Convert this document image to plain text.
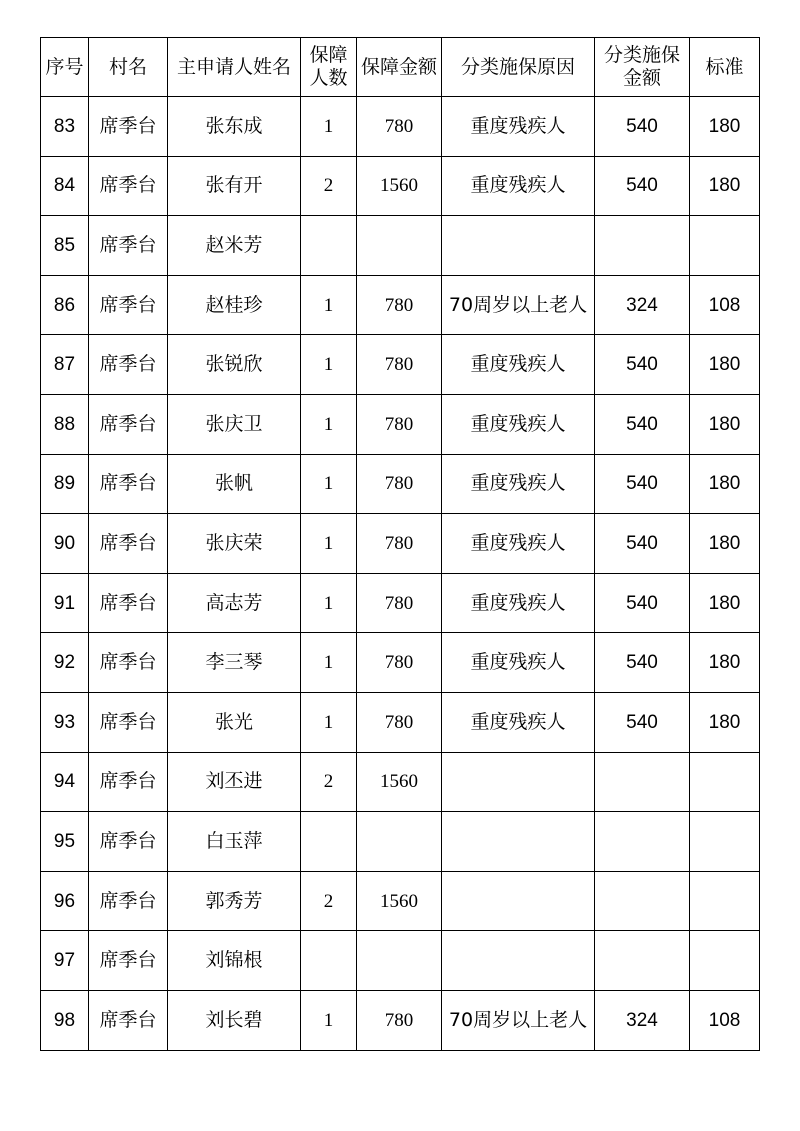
序号	村名	主申请人姓名	保障人数	保障金额	分类施保原因	分类施保金额	标准
83	席季台	张东成	1	780	重度残疾人	540	180
84	席季台	张有开	2	1560	重度残疾人	540	180
85	席季台	赵米芳					
86	席季台	赵桂珍	1	780	70周岁以上老人	324	108
87	席季台	张锐欣	1	780	重度残疾人	540	180
88	席季台	张庆卫	1	780	重度残疾人	540	180
89	席季台	张帆	1	780	重度残疾人	540	180
90	席季台	张庆荣	1	780	重度残疾人	540	180
91	席季台	高志芳	1	780	重度残疾人	540	180
92	席季台	李三琴	1	780	重度残疾人	540	180
93	席季台	张光	1	780	重度残疾人	540	180
94	席季台	刘丕进	2	1560			
95	席季台	白玉萍					
96	席季台	郭秀芳	2	1560			
97	席季台	刘锦根					
98	席季台	刘长碧	1	780	70周岁以上老人	324	108
